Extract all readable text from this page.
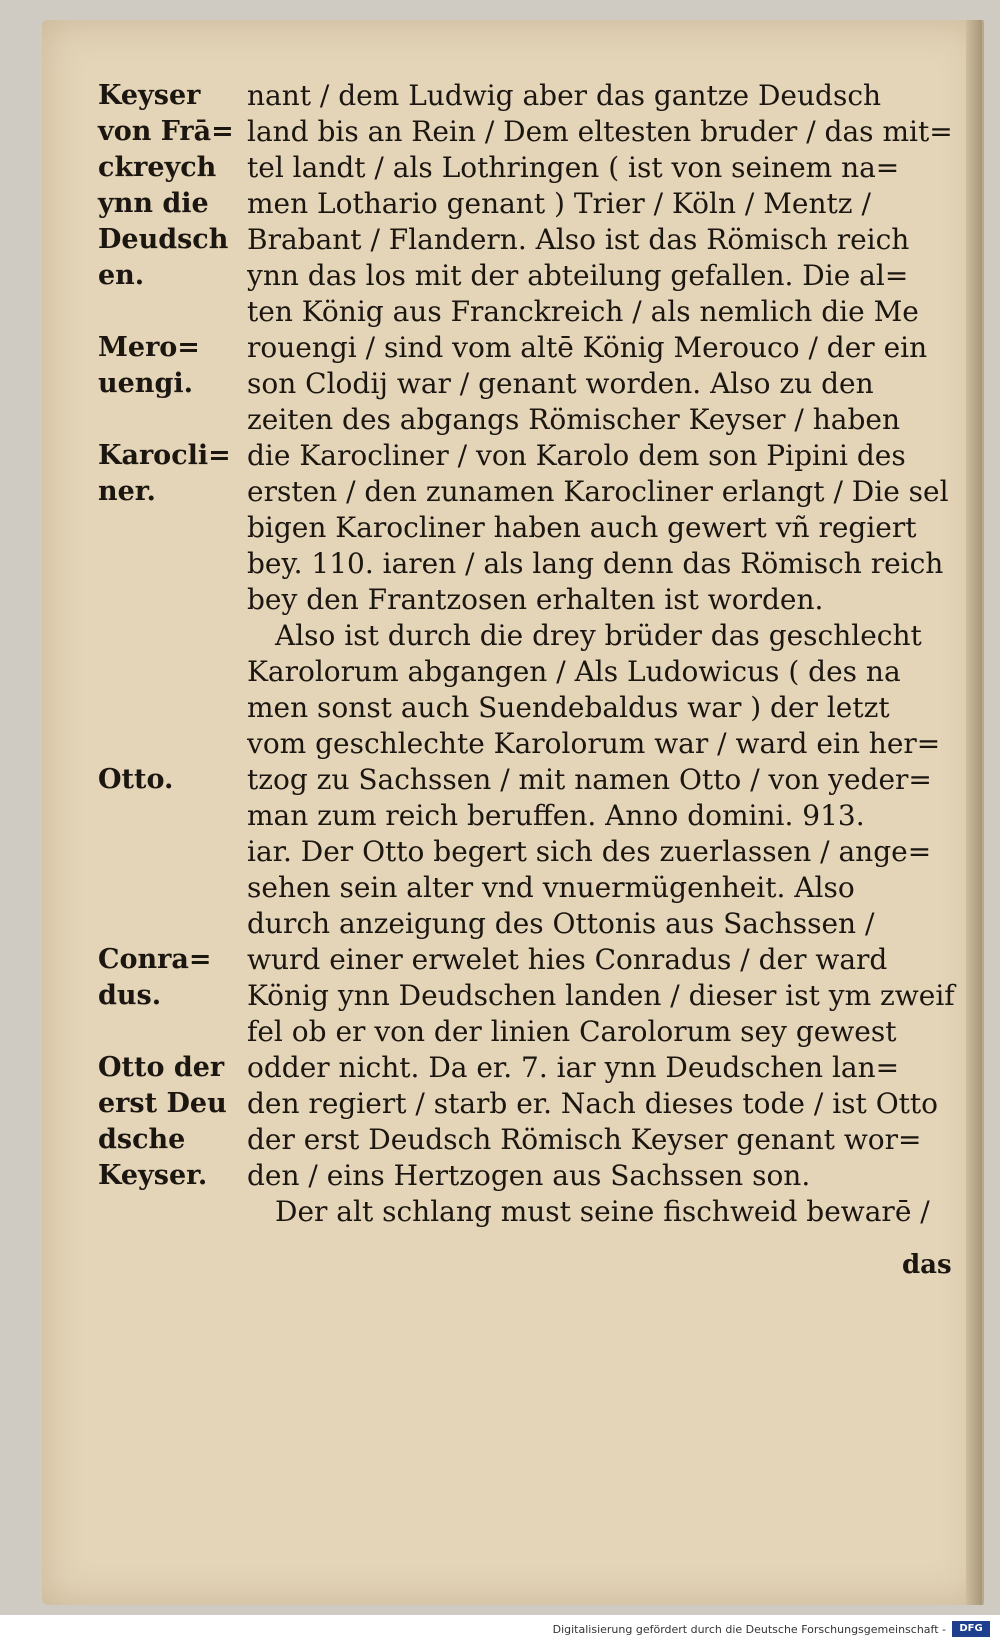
Keyser
von Frā=
ckreych
ynn die
Deudsch
en.
Mero=
uengi.
Karocli=
ner.
Otto.
Conra=
dus.
Otto der
erst Deu
dsche
Keyser.
nant / dem Ludwig aber das gantze Deudsch
land bis an Rein / Dem eltesten bruder / das mit=
tel landt / als Lothringen ( ist von seinem na=
men Lothario genant ) Trier / Köln / Mentz /
Brabant / Flandern. Also ist das Römisch reich
ynn das los mit der abteilung gefallen. Die al=
ten König aus Franckreich / als nemlich die Me
rouengi / sind vom altē König Merouco / der ein
son Clodij war / genant worden. Also zu den
zeiten des abgangs Römischer Keyser / haben
die Karocliner / von Karolo dem son Pipini des
ersten / den zunamen Karocliner erlangt / Die sel
bigen Karocliner haben auch gewert vñ regiert
bey. 110. iaren / als lang denn das Römisch reich
bey den Frantzosen erhalten ist worden.
Also ist durch die drey brüder das geschlecht
Karolorum abgangen / Als Ludowicus ( des na
men sonst auch Suendebaldus war ) der letzt
vom geschlechte Karolorum war / ward ein her=
tzog zu Sachssen / mit namen Otto / von yeder=
man zum reich beruffen. Anno domini. 913.
iar. Der Otto begert sich des zuerlassen / ange=
sehen sein alter vnd vnuermügenheit. Also
durch anzeigung des Ottonis aus Sachssen /
wurd einer erwelet hies Conradus / der ward
König ynn Deudschen landen / dieser ist ym zweif
fel ob er von der linien Carolorum sey gewest
odder nicht. Da er. 7. iar ynn Deudschen lan=
den regiert / starb er. Nach dieses tode / ist Otto
der erst Deudsch Römisch Keyser genant wor=
den / eins Hertzogen aus Sachssen son.
Der alt schlang must seine fischweid bewarē /
das
Digitalisierung gefördert durch die Deutsche Forschungsgemeinschaft -	DFG
